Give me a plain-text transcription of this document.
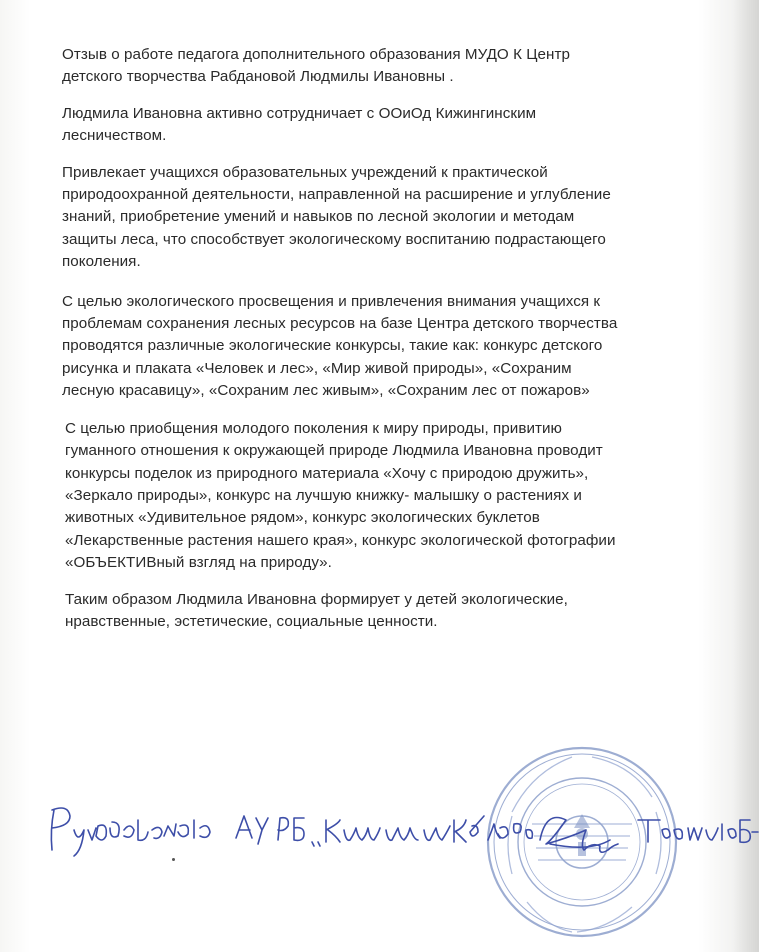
Отзыв о работе педагога дополнительного образования МУДО К Центр
детского творчества Рабдановой Людмилы Ивановны .

Людмила Ивановна активно сотрудничает с ООиОд Кижингинским
лесничеством.

Привлекает учащихся образовательных учреждений к практической
природоохранной деятельности, направленной на расширение и углубление
знаний, приобретение умений и навыков по лесной экологии и методам
защиты леса, что способствует экологическому воспитанию подрастающего
поколения.

С целью экологического просвещения и привлечения внимания учащихся к
проблемам сохранения лесных ресурсов на базе Центра детского творчества
проводятся различные экологические конкурсы, такие как: конкурс детского
рисунка и плаката «Человек и лес», «Мир живой природы», «Сохраним
лесную красавицу», «Сохраним лес живым», «Сохраним лес от пожаров»

С целью приобщения молодого поколения к миру природы, привитию
гуманного отношения к окружающей природе Людмила Ивановна проводит
конкурсы поделок из природного материала «Хочу с природою дружить»,
«Зеркало природы», конкурс на лучшую книжку- малышку о растениях и
животных «Удивительное рядом», конкурс экологических буклетов
«Лекарственные растения нашего края», конкурс экологической фотографии
«ОБЪЕКТИВный взгляд на природу».

Таким образом Людмила Ивановна формирует у детей экологические,
нравственные, эстетические, социальные ценности.
